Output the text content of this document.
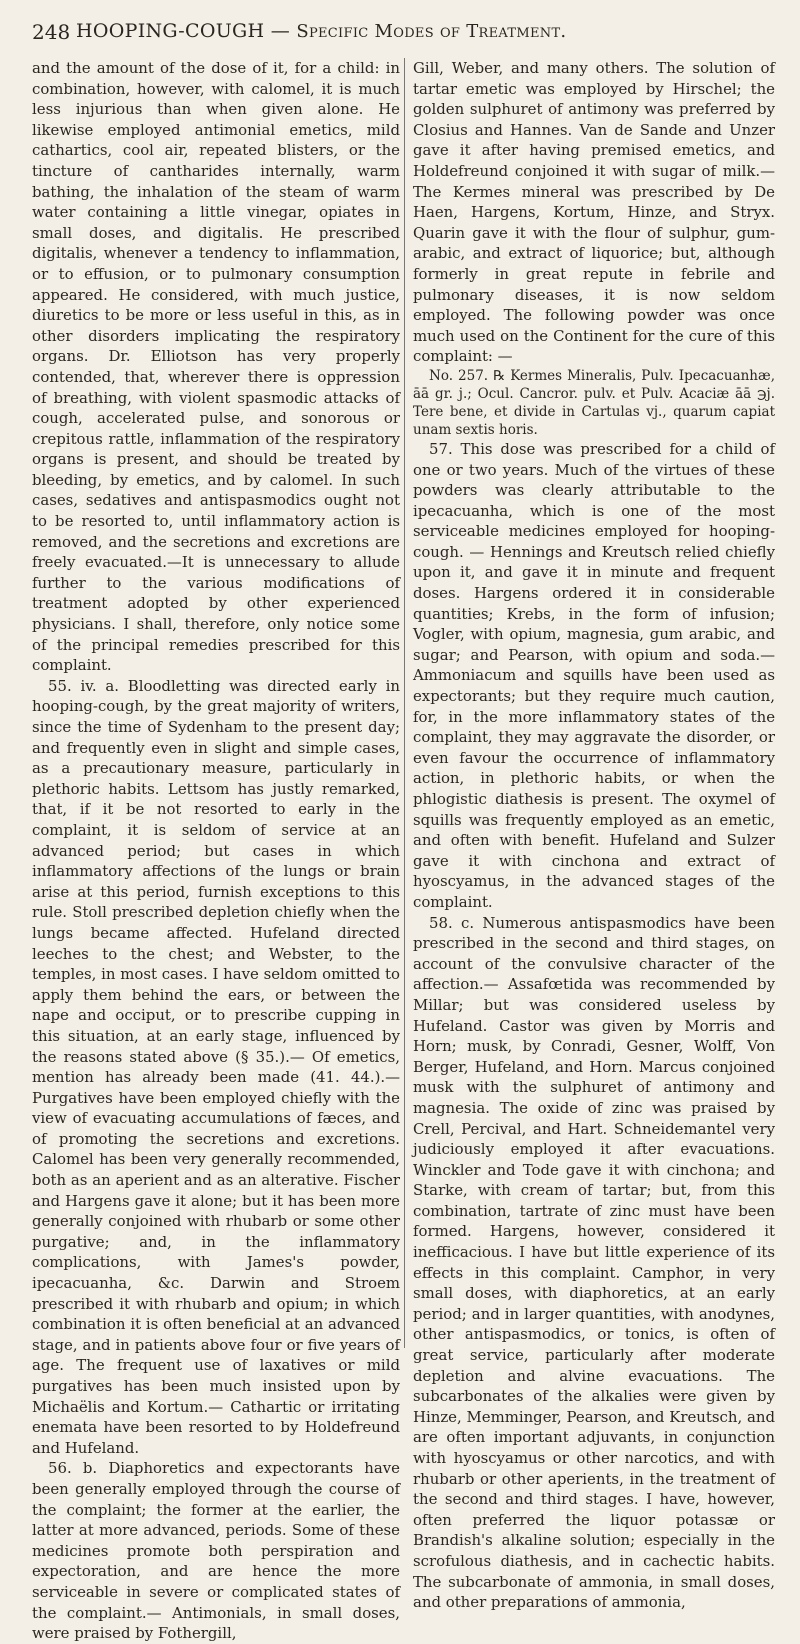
248 HOOPING-COUGH — Specific Modes of Treatment.

and the amount of the dose of it, for a child: in combination, however, with calomel, it is much less injurious than when given alone. He likewise employed antimonial emetics, mild cathartics, cool air, repeated blisters, or the tincture of cantharides internally, warm bathing, the inhalation of the steam of warm water containing a little vinegar, opiates in small doses, and digitalis. He prescribed digitalis, whenever a tendency to inflammation, or to effusion, or to pulmonary consumption appeared. He considered, with much justice, diuretics to be more or less useful in this, as in other disorders implicating the respiratory organs. Dr. Elliotson has very properly contended, that, wherever there is oppression of breathing, with violent spasmodic attacks of cough, accelerated pulse, and sonorous or crepitous rattle, inflammation of the respiratory organs is present, and should be treated by bleeding, by emetics, and by calomel. In such cases, sedatives and antispasmodics ought not to be resorted to, until inflammatory action is removed, and the secretions and excretions are freely evacuated.—It is unnecessary to allude further to the various modifications of treatment adopted by other experienced physicians. I shall, therefore, only notice some of the principal remedies prescribed for this complaint.

55. iv. a. Bloodletting was directed early in hooping-cough, by the great majority of writers, since the time of Sydenham to the present day; and frequently even in slight and simple cases, as a precautionary measure, particularly in plethoric habits. Lettsom has justly remarked, that, if it be not resorted to early in the complaint, it is seldom of service at an advanced period; but cases in which inflammatory affections of the lungs or brain arise at this period, furnish exceptions to this rule. Stoll prescribed depletion chiefly when the lungs became affected. Hufeland directed leeches to the chest; and Webster, to the temples, in most cases. I have seldom omitted to apply them behind the ears, or between the nape and occiput, or to prescribe cupping in this situation, at an early stage, influenced by the reasons stated above (§ 35.).— Of emetics, mention has already been made (41. 44.).— Purgatives have been employed chiefly with the view of evacuating accumulations of fæces, and of promoting the secretions and excretions. Calomel has been very generally recommended, both as an aperient and as an alterative. Fischer and Hargens gave it alone; but it has been more generally conjoined with rhubarb or some other purgative; and, in the inflammatory complications, with James's powder, ipecacuanha, &c. Darwin and Stroem prescribed it with rhubarb and opium; in which combination it is often beneficial at an advanced stage, and in patients above four or five years of age. The frequent use of laxatives or mild purgatives has been much insisted upon by Michaëlis and Kortum.— Cathartic or irritating enemata have been resorted to by Holdefreund and Hufeland.

56. b. Diaphoretics and expectorants have been generally employed through the course of the complaint; the former at the earlier, the latter at more advanced, periods. Some of these medicines promote both perspiration and expectoration, and are hence the more serviceable in severe or complicated states of the complaint.— Antimonials, in small doses, were praised by Fothergill,

Gill, Weber, and many others. The solution of tartar emetic was employed by Hirschel; the golden sulphuret of antimony was preferred by Closius and Hannes. Van de Sande and Unzer gave it after having premised emetics, and Holdefreund conjoined it with sugar of milk.—The Kermes mineral was prescribed by De Haen, Hargens, Kortum, Hinze, and Stryx. Quarin gave it with the flour of sulphur, gum-arabic, and extract of liquorice; but, although formerly in great repute in febrile and pulmonary diseases, it is now seldom employed. The following powder was once much used on the Continent for the cure of this complaint: —

No. 257. ℞ Kermes Mineralis, Pulv. Ipecacuanhæ, āā gr. j.; Ocul. Cancror. pulv. et Pulv. Acaciæ āā ℈j. Tere bene, et divide in Cartulas vj., quarum capiat unam sextis horis.

57. This dose was prescribed for a child of one or two years. Much of the virtues of these powders was clearly attributable to the ipecacuanha, which is one of the most serviceable medicines employed for hooping-cough. — Hennings and Kreutsch relied chiefly upon it, and gave it in minute and frequent doses. Hargens ordered it in considerable quantities; Krebs, in the form of infusion; Vogler, with opium, magnesia, gum arabic, and sugar; and Pearson, with opium and soda.— Ammoniacum and squills have been used as expectorants; but they require much caution, for, in the more inflammatory states of the complaint, they may aggravate the disorder, or even favour the occurrence of inflammatory action, in plethoric habits, or when the phlogistic diathesis is present. The oxymel of squills was frequently employed as an emetic, and often with benefit. Hufeland and Sulzer gave it with cinchona and extract of hyoscyamus, in the advanced stages of the complaint.

58. c. Numerous antispasmodics have been prescribed in the second and third stages, on account of the convulsive character of the affection.— Assafœtida was recommended by Millar; but was considered useless by Hufeland. Castor was given by Morris and Horn; musk, by Conradi, Gesner, Wolff, Von Berger, Hufeland, and Horn. Marcus conjoined musk with the sulphuret of antimony and magnesia. The oxide of zinc was praised by Crell, Percival, and Hart. Schneidemantel very judiciously employed it after evacuations. Winckler and Tode gave it with cinchona; and Starke, with cream of tartar; but, from this combination, tartrate of zinc must have been formed. Hargens, however, considered it inefficacious. I have but little experience of its effects in this complaint. Camphor, in very small doses, with diaphoretics, at an early period; and in larger quantities, with anodynes, other antispasmodics, or tonics, is often of great service, particularly after moderate depletion and alvine evacuations. The subcarbonates of the alkalies were given by Hinze, Memminger, Pearson, and Kreutsch, and are often important adjuvants, in conjunction with hyoscyamus or other narcotics, and with rhubarb or other aperients, in the treatment of the second and third stages. I have, however, often preferred the liquor potassæ or Brandish's alkaline solution; especially in the scrofulous diathesis, and in cachectic habits. The subcarbonate of ammonia, in small doses, and other preparations of ammonia,
